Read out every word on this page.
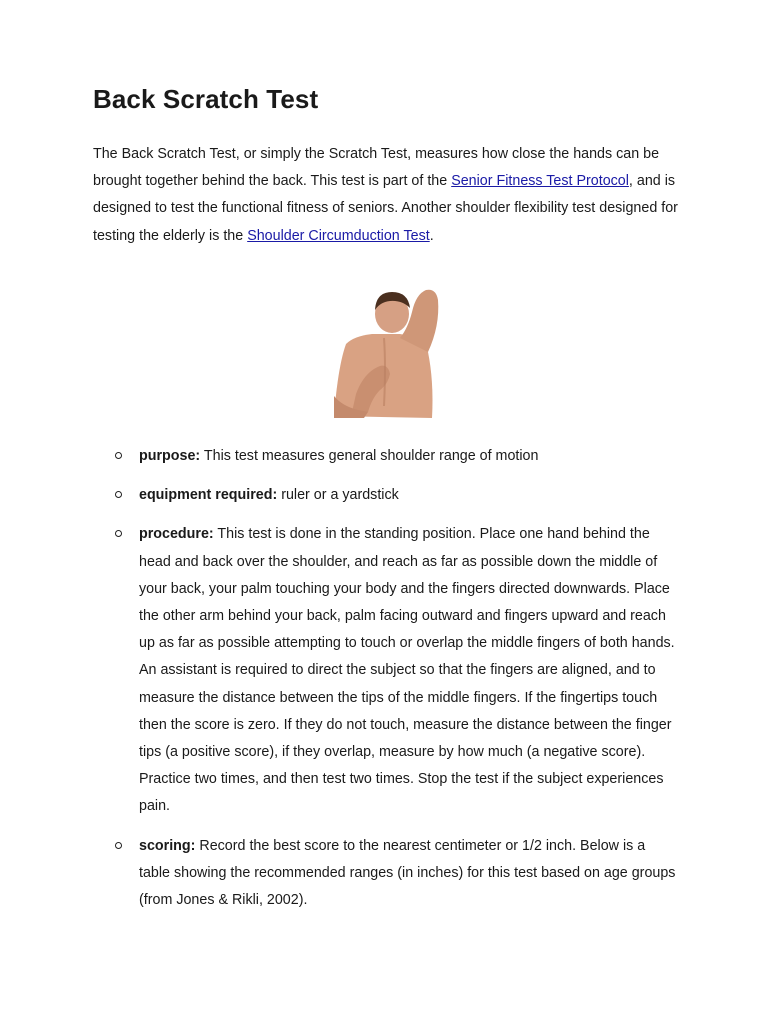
Back Scratch Test

The Back Scratch Test, or simply the Scratch Test, measures how close the hands can be brought together behind the back. This test is part of the Senior Fitness Test Protocol, and is designed to test the functional fitness of seniors. Another shoulder flexibility test designed for testing the elderly is the Shoulder Circumduction Test.

purpose: This test measures general shoulder range of motion
equipment required: ruler or a yardstick
procedure: This test is done in the standing position. Place one hand behind the head and back over the shoulder, and reach as far as possible down the middle of your back, your palm touching your body and the fingers directed downwards. Place the other arm behind your back, palm facing outward and fingers upward and reach up as far as possible attempting to touch or overlap the middle fingers of both hands. An assistant is required to direct the subject so that the fingers are aligned, and to measure the distance between the tips of the middle fingers. If the fingertips touch then the score is zero. If they do not touch, measure the distance between the finger tips (a positive score), if they overlap, measure by how much (a negative score). Practice two times, and then test two times. Stop the test if the subject experiences pain.
scoring: Record the best score to the nearest centimeter or 1/2 inch. Below is a table showing the recommended ranges (in inches) for this test based on age groups (from Jones & Rikli, 2002).
